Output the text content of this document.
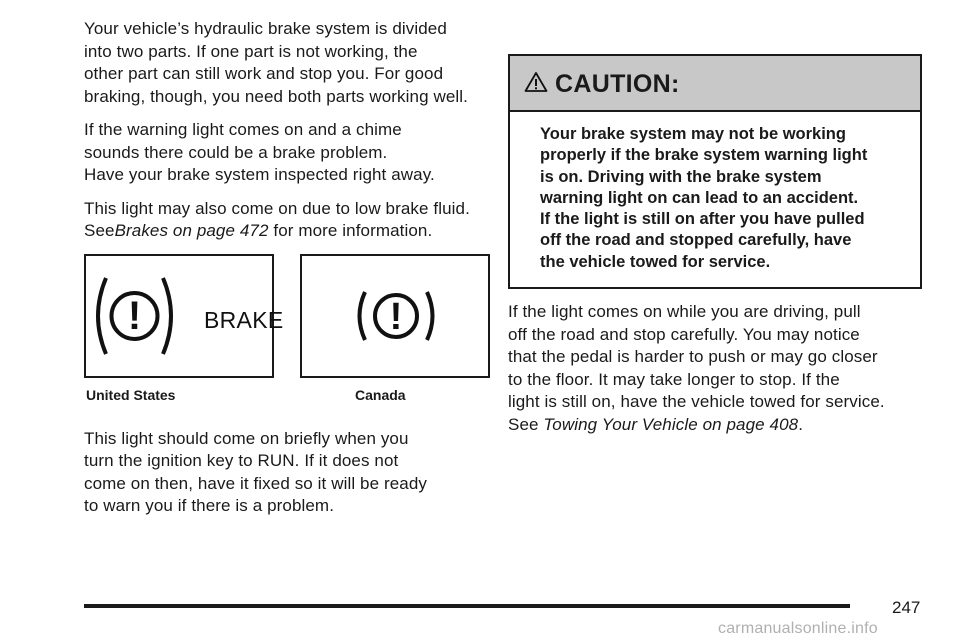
Your vehicle’s hydraulic brake system is divided
into two parts. If one part is not working, the
other part can still work and stop you. For good
braking, though, you need both parts working well.

If the warning light comes on and a chime
sounds there could be a brake problem.
Have your brake system inspected right away.

This light may also come on due to low brake fluid.
SeeBrakes on page 472 for more information.

!	BRAKE	!
United States	Canada

This light should come on briefly when you
turn the ignition key to RUN. If it does not
come on then, have it fixed so it will be ready
to warn you if there is a problem.

CAUTION:
Your brake system may not be working
properly if the brake system warning light
is on. Driving with the brake system
warning light on can lead to an accident.
If the light is still on after you have pulled
off the road and stopped carefully, have
the vehicle towed for service.

If the light comes on while you are driving, pull
off the road and stop carefully. You may notice
that the pedal is harder to push or may go closer
to the floor. It may take longer to stop. If the
light is still on, have the vehicle towed for service.
See Towing Your Vehicle on page 408.

247
carmanualsonline.info
